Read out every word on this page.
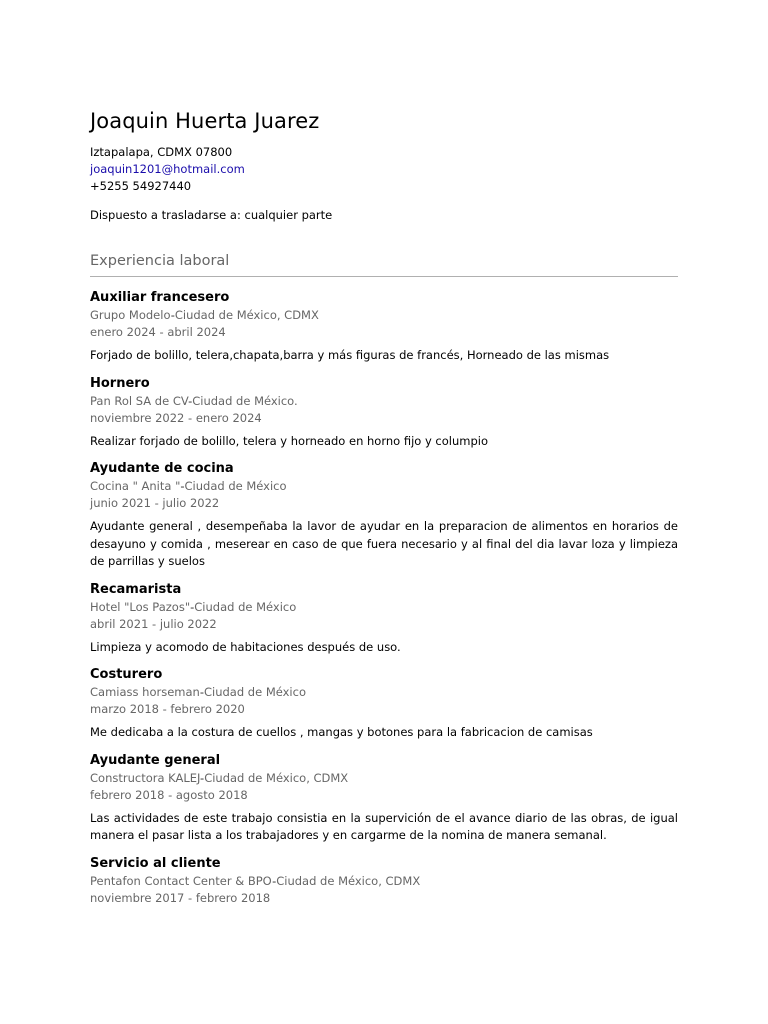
Joaquin Huerta Juarez
Iztapalapa, CDMX 07800
joaquin1201@hotmail.com
+5255 54927440
Dispuesto a trasladarse a: cualquier parte
Experiencia laboral
Auxiliar francesero
Grupo Modelo-Ciudad de México, CDMX
enero 2024 - abril 2024
Forjado de bolillo, telera,chapata,barra y más figuras de francés, Horneado de las mismas
Hornero
Pan Rol SA de CV-Ciudad de México.
noviembre 2022 - enero 2024
Realizar forjado de bolillo, telera y horneado en horno fijo y columpio
Ayudante de cocina
Cocina " Anita "-Ciudad de México
junio 2021 - julio 2022
Ayudante general , desempeñaba la lavor de ayudar en la preparacion de alimentos en horarios de desayuno y comida , meserear en caso de que fuera necesario y al final del dia lavar loza y limpieza de parrillas y suelos
Recamarista
Hotel "Los Pazos"-Ciudad de México
abril 2021 - julio 2022
Limpieza y acomodo de habitaciones después de uso.
Costurero
Camiass horseman-Ciudad de México
marzo 2018 - febrero 2020
Me dedicaba a la costura de cuellos , mangas y botones para la fabricacion de camisas
Ayudante general
Constructora KALEJ-Ciudad de México, CDMX
febrero 2018 - agosto 2018
Las actividades de este trabajo consistia en la supervición de el avance diario de las obras, de igual manera el pasar lista a los trabajadores y en cargarme de la nomina de manera semanal.
Servicio al cliente
Pentafon Contact Center & BPO-Ciudad de México, CDMX
noviembre 2017 - febrero 2018
